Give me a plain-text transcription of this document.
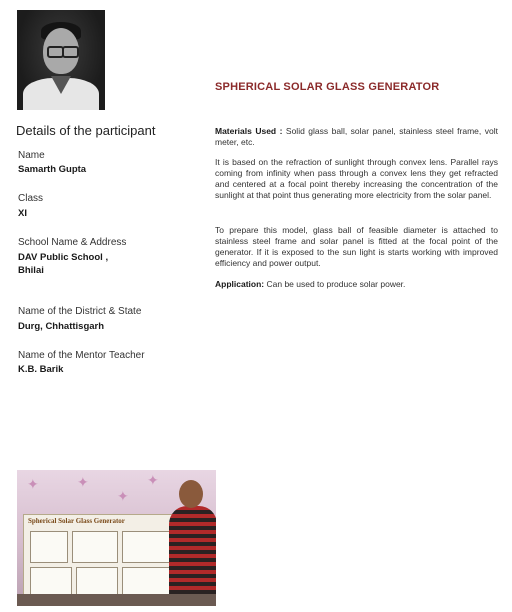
Details of the participant
Name
Samarth Gupta
Class
XI
School Name & Address
DAV Public School ,
Bhilai
Name of the District & State
Durg, Chhattisgarh
Name of the Mentor Teacher
K.B. Barik
SPHERICAL SOLAR GLASS GENERATOR
Materials Used : Solid glass ball, solar panel, stainless steel frame, volt meter, etc.
It is based on the refraction of sunlight through convex lens. Parallel rays coming from infinity when pass through a convex lens they get refracted and centered at a focal point thereby increasing the concentration of the sunlight at that point thus generating more electricity from the solar panel.
To prepare this model, glass ball of feasible diameter is attached to stainless steel frame and solar panel is fitted at the focal point of the generator. If it is exposed to the sun light is starts working with improved efficiency and power output.
Application: Can be used to produce solar power.
✦	✦
✦
✦
Spherical Solar Glass Generator
